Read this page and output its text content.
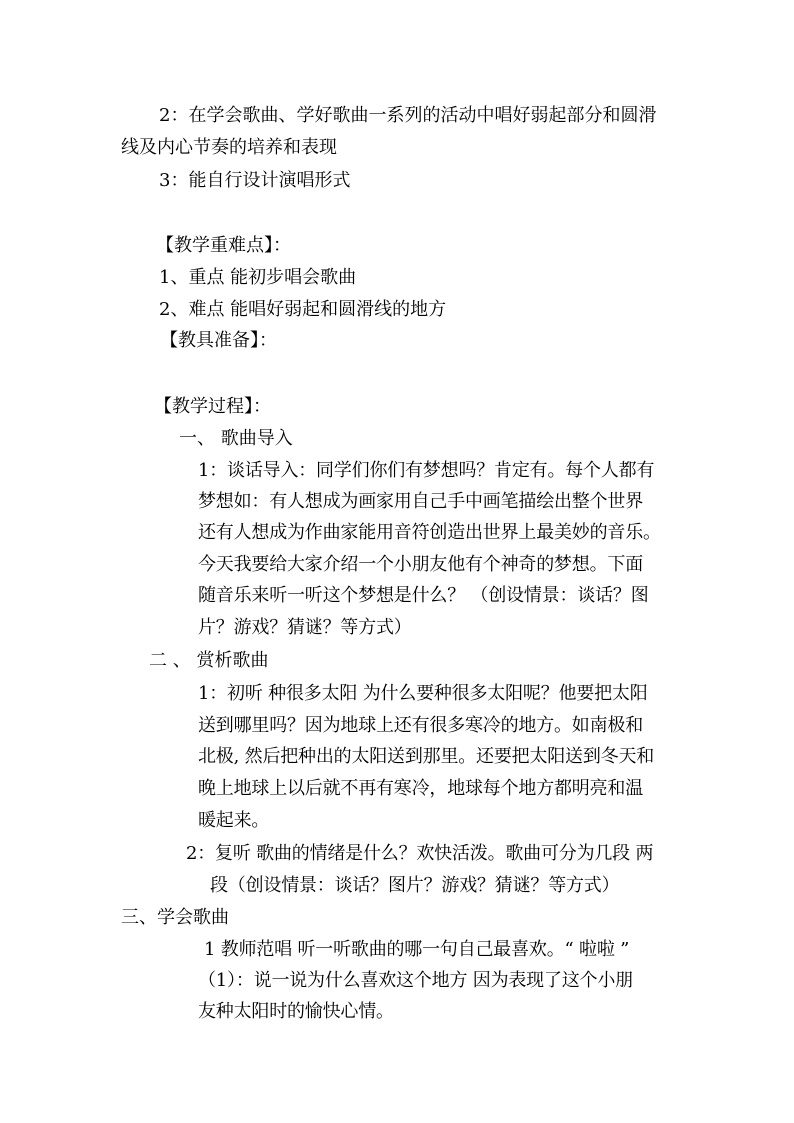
2：在学会歌曲、学好歌曲一系列的活动中唱好弱起部分和圆滑
线及内心节奏的培养和表现
3：能自行设计演唱形式
【教学重难点】：
1、重点 能初步唱会歌曲
2、难点 能唱好弱起和圆滑线的地方
【教具准备】：
【教学过程】：
一、 歌曲导入
1：谈话导入：同学们你们有梦想吗？肯定有。每个人都有
梦想如：有人想成为画家用自己手中画笔描绘出整个世界
还有人想成为作曲家能用音符创造出世界上最美妙的音乐。
今天我要给大家介绍一个小朋友他有个神奇的梦想。下面
随音乐来听一听这个梦想是什么？ （创设情景：谈话？图
片？游戏？猜谜？等方式）
二 、 赏析歌曲
1：初听 种很多太阳 为什么要种很多太阳呢？他要把太阳
送到哪里吗？因为地球上还有很多寒冷的地方。如南极和
北极, 然后把种出的太阳送到那里。还要把太阳送到冬天和
晚上地球上以后就不再有寒冷，地球每个地方都明亮和温
暖起来。
2：复听 歌曲的情绪是什么？欢快活泼。歌曲可分为几段 两
段（创设情景：谈话？图片？游戏？猜谜？等方式）
三、学会歌曲
1 教师范唱 听一听歌曲的哪一句自己最喜欢。“ 啦啦 ”
（1）：说一说为什么喜欢这个地方 因为表现了这个小朋
友种太阳时的愉快心情。
